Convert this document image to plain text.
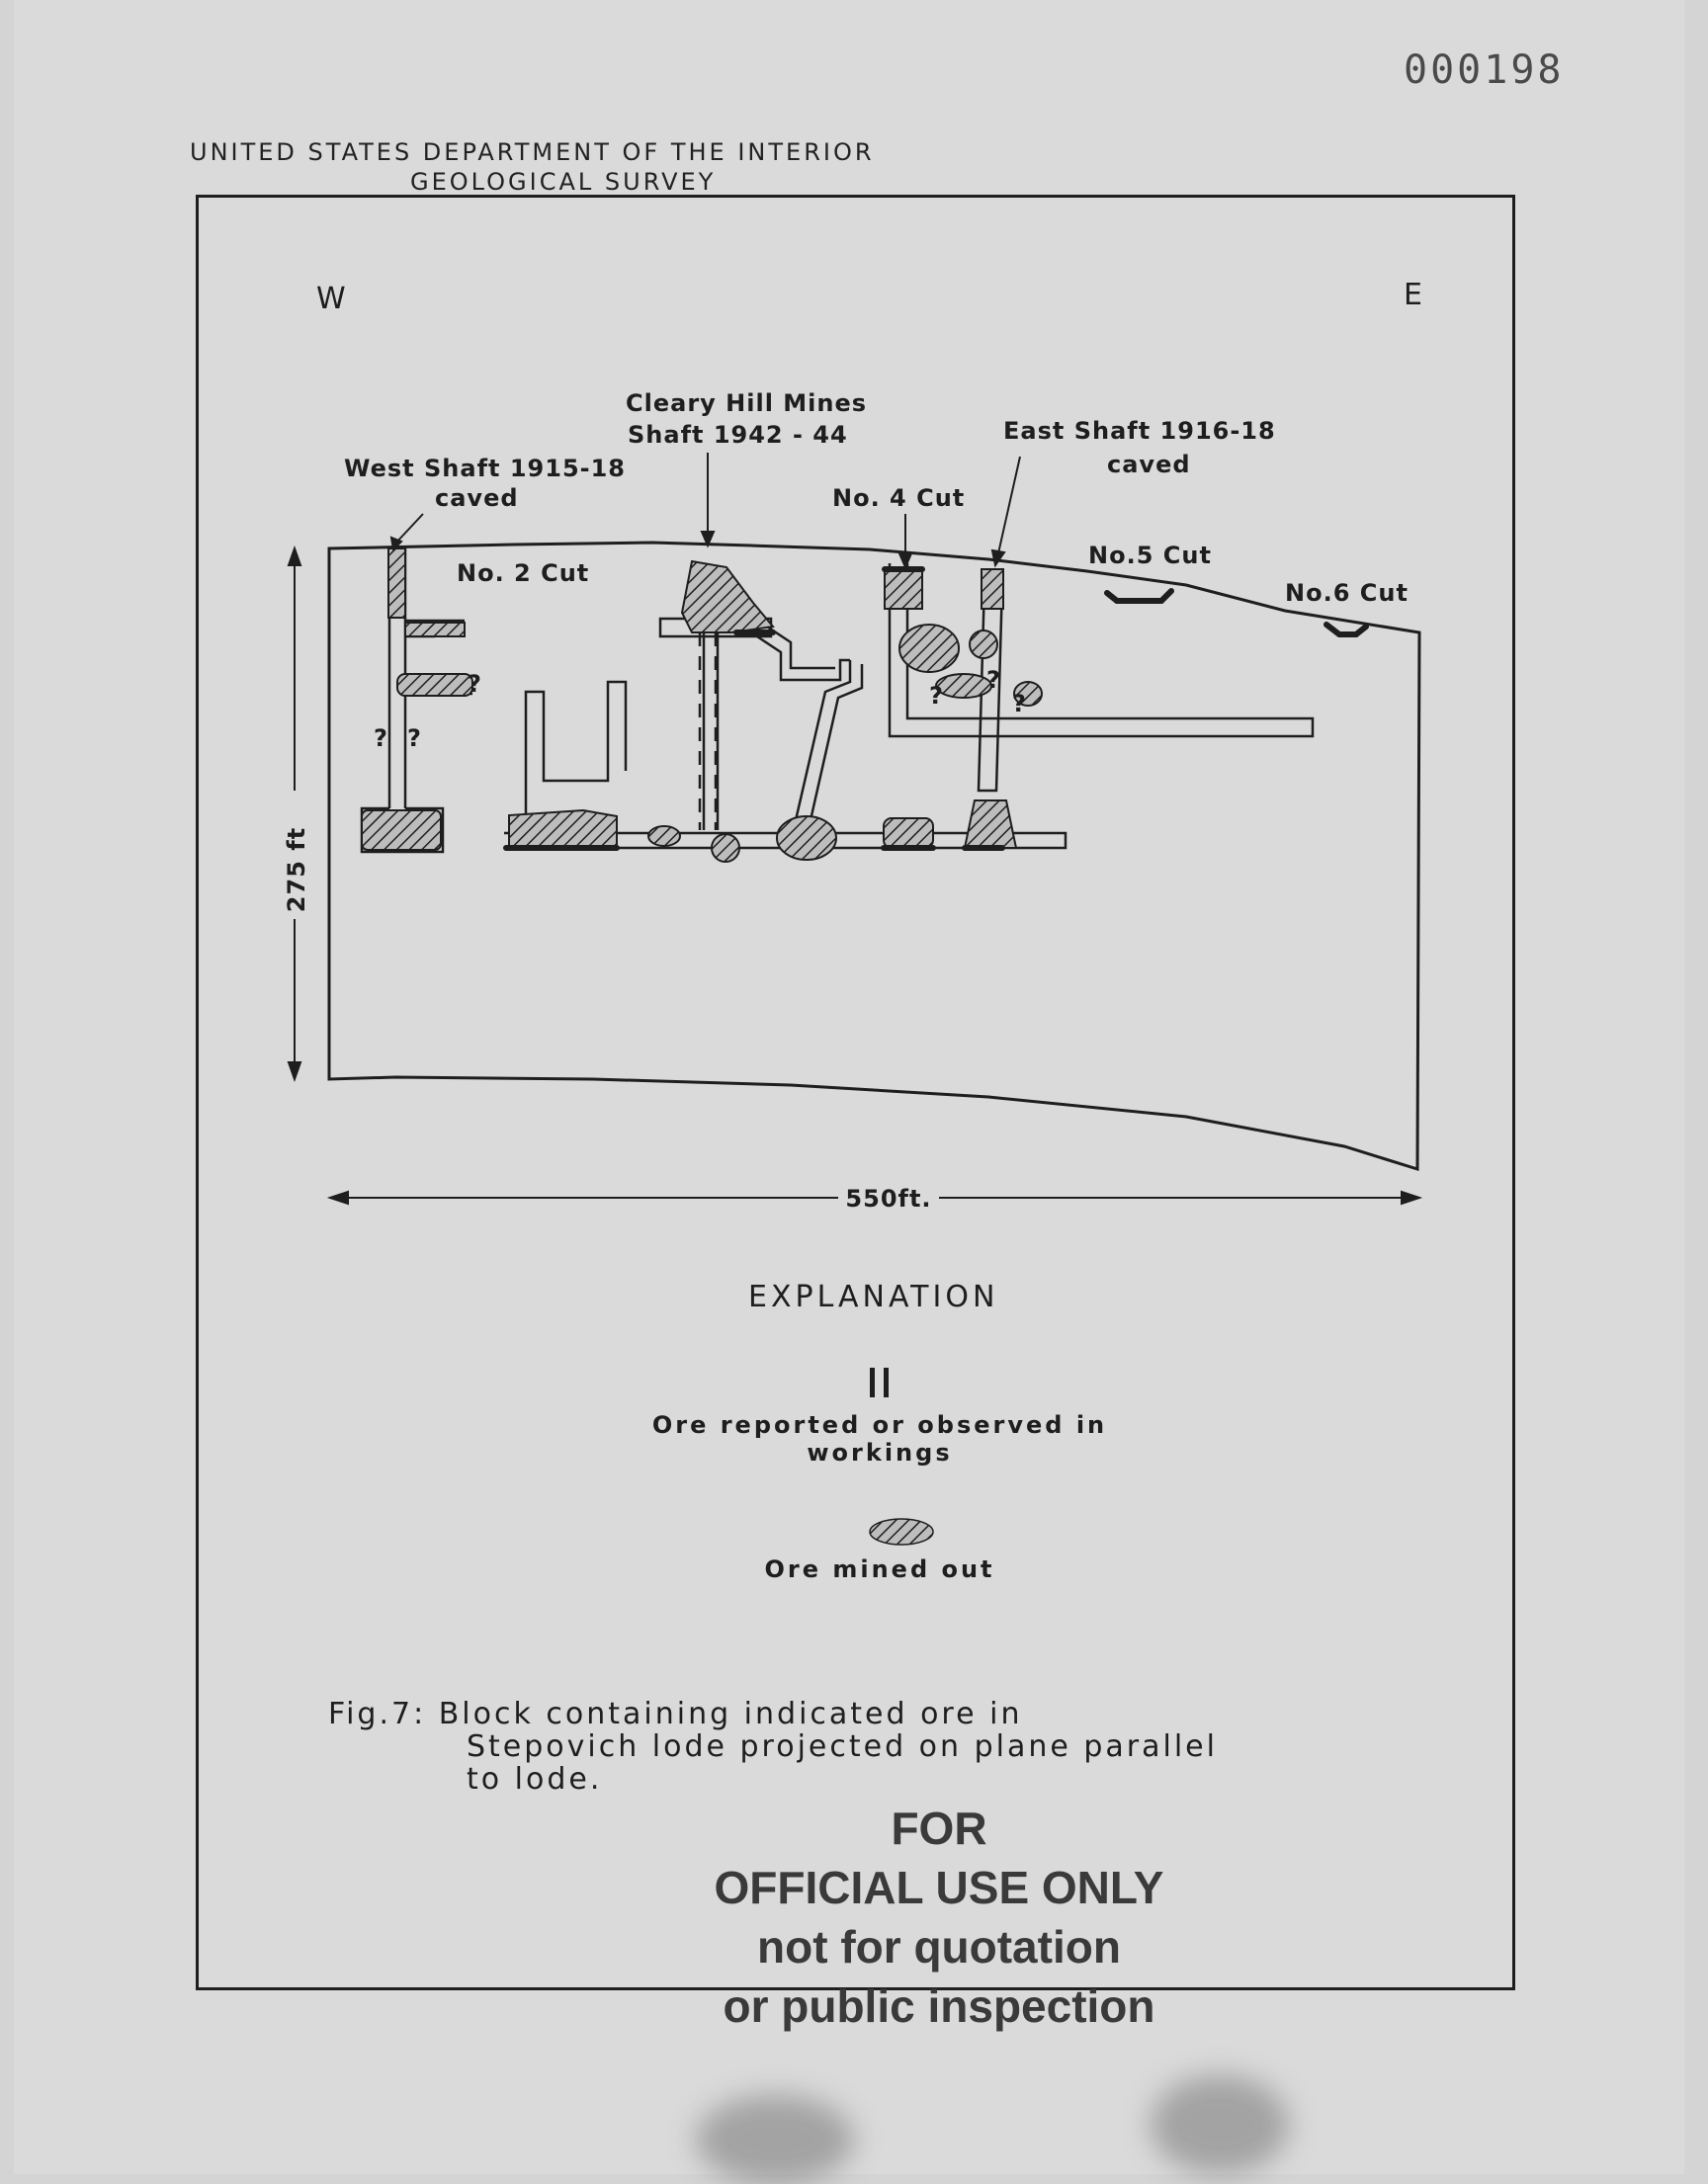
000198
UNITED STATES DEPARTMENT OF THE INTERIOR
GEOLOGICAL SURVEY
W	E
?
? ?
?
?
?
West Shaft 1915-18
caved
Cleary Hill Mines
Shaft 1942 - 44	East Shaft 1916-18
caved
No. 2 Cut
No. 4 Cut
No.5 Cut
No.6 Cut
275 ft
550ft.
EXPLANATION
Ore reported or observed in workings
Ore mined out
Fig.7: Block containing indicated ore in
Stepovich lode projected on plane parallel
to lode.
FOR
OFFICIAL USE ONLY
not for quotation
or public inspection
